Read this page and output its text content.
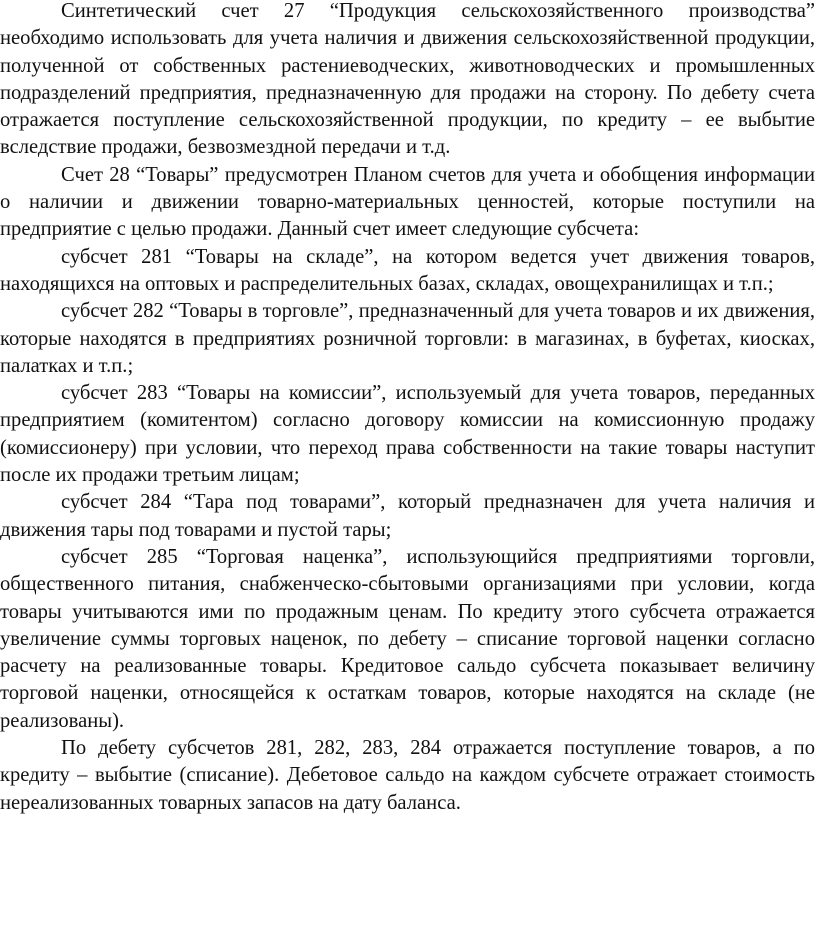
Синтетический счет 27 “Продукция сельскохозяйственного производства” необходимо использовать для учета наличия и движения сельскохозяйственной продукции, полученной от собственных растениеводческих, животноводческих и промышленных подразделений предприятия, предназначенную для продажи на сторону. По дебету счета отражается поступление сельскохозяйственной продукции, по кредиту – ее выбытие вследствие продажи, безвозмездной передачи и т.д.

Счет 28 “Товары” предусмотрен Планом счетов для учета и обобщения информации о наличии и движении товарно-материальных ценностей, которые поступили на предприятие с целью продажи. Данный счет имеет следующие субсчета:

субсчет 281 “Товары на складе”, на котором ведется учет движения товаров, находящихся на оптовых и распределительных базах, складах, овощехранилищах и т.п.;

субсчет 282 “Товары в торговле”, предназначенный для учета товаров и их движения, которые находятся в предприятиях розничной торговли: в магазинах, в буфетах, киосках, палатках и т.п.;

субсчет 283 “Товары на комиссии”, используемый для учета товаров, переданных предприятием (комитентом) согласно договору комиссии на комиссионную продажу (комиссионеру) при условии, что переход права собственности на такие товары наступит после их продажи третьим лицам;

субсчет 284 “Тара под товарами”, который предназначен для учета наличия и движения тары под товарами и пустой тары;

субсчет 285 “Торговая наценка”, использующийся предприятиями торговли, общественного питания, снабженческо-сбытовыми организациями при условии, когда товары учитываются ими по продажным ценам. По кредиту этого субсчета отражается увеличение суммы торговых наценок, по дебету – списание торговой наценки согласно расчету на реализованные товары. Кредитовое сальдо субсчета показывает величину торговой наценки, относящейся к остаткам товаров, которые находятся на складе (не реализованы).

По дебету субсчетов 281, 282, 283, 284 отражается поступление товаров, а по кредиту – выбытие (списание). Дебетовое сальдо на каждом субсчете отражает стоимость нереализованных товарных запасов на дату баланса.
